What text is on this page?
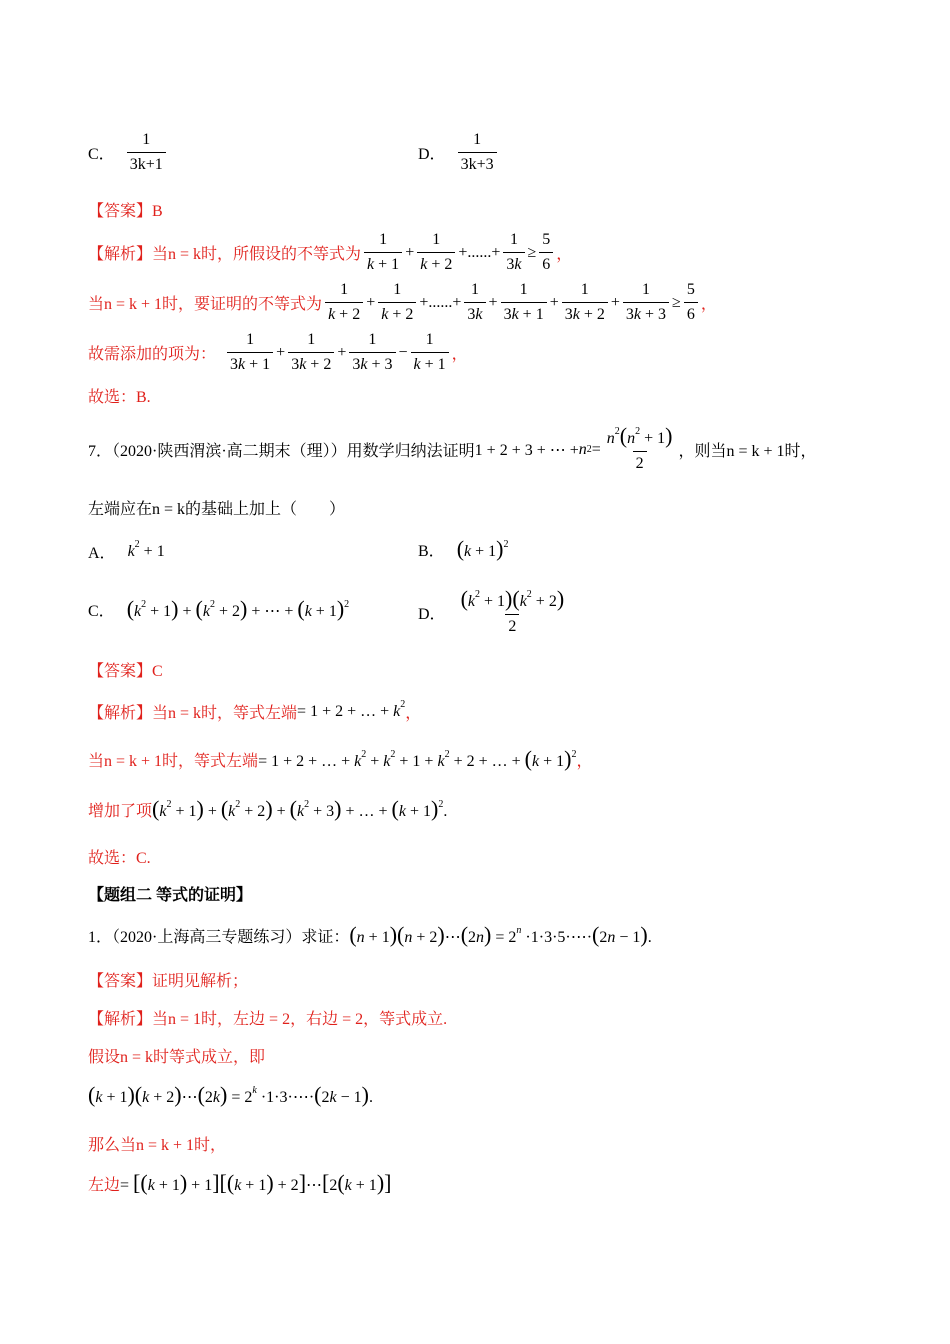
C． $\frac{1}{3k+1}$	D． $\frac{1}{3k+3}$
【答案】B
【解析】 当n = k时，所假设的不等式为 $\frac{1}{k + 1} + \frac{1}{k + 2}$ +......+ $\frac{1}{3k} \ge \frac{5}{6}$ ，
当n = k + 1时，要证明的不等式为 $\frac{1}{k + 2} + \frac{1}{k + 2}$ +......+ $\frac{1}{3k} + \frac{1}{3k + 1} + \frac{1}{3k + 2} + \frac{1}{3k + 3} \ge \frac{5}{6}$ ，
故需添加的项为： $\frac{1}{3k + 1} + \frac{1}{3k + 2} + \frac{1}{3k + 3} - \frac{1}{k + 1}$ ，
故选：B.
7．（2020·陕西渭滨·高二期末（理））用数学归纳法证明 1 + 2 + 3 + ⋯ + n $2 = \frac{n^2(n^2 + 1)}{2}$ ，则当n = k + 1时，
左端应在n = k的基础上加上（　　）
A． $k^2 + 1$	B． $(k + 1)^2$
C． $(k^2 + 1) + (k^2 + 2)$ + ⋯ + $(k + 1)^2$
D． $\frac{(k^2 + 1)(k^2 + 2)}{2}$
【答案】C
【解析】 当n = k时，等式左端 = 1 + 2 + … + $k^2$
，
当n = k + 1时，等式左端 = 1 + 2 + … + $k^2 + k^2 + 1 + k^2 + 2$ + … + $(k + 1)^2$ ，
增加了项 $(k^2 + 1) + (k^2 + 2) + (k^2 + 3)$ + … + $(k + 1)^2$.
故选：C.
【题组二 等式的证明】
1．（2020·上海高三专题练习）求证： (n + 1)(n + 2)⋯(2n) = $2^n$ ·1·3·5·⋯·(2n − 1).
【答案】证明见解析；
【解析】 当n = 1时，左边 = 2，右边 = 2，等式成立.
假设n = k时等式成立，即
(k + 1)(k + 2)⋯(2k) = $2^k$ ·1·3·⋯·(2k − 1).
那么当n = k + 1时，
左边 = [(k + 1) + 1][(k + 1) + 2]⋯[2(k + 1)]
